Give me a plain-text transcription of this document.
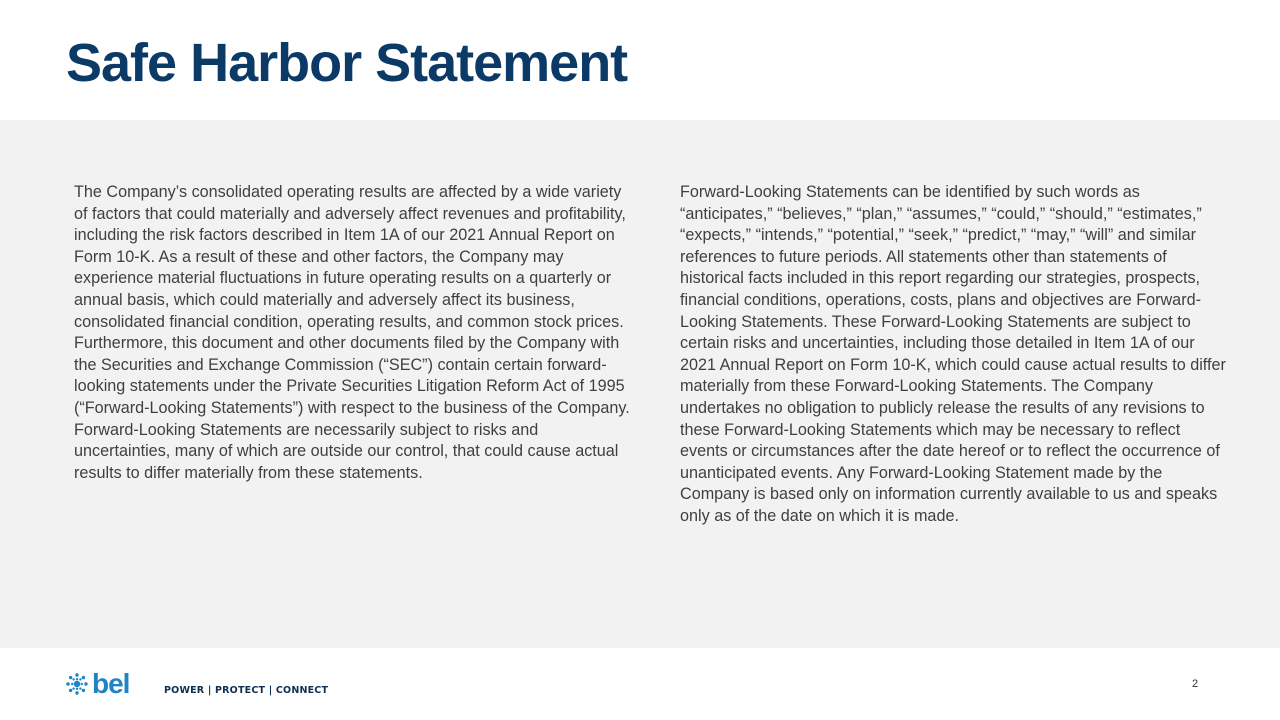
Safe Harbor Statement

The Company’s consolidated operating results are affected by a wide variety of factors that could materially and adversely affect revenues and profitability, including the risk factors described in Item 1A of our 2021 Annual Report on Form 10-K. As a result of these and other factors, the Company may experience material fluctuations in future operating results on a quarterly or annual basis, which could materially and adversely affect its business, consolidated financial condition, operating results, and common stock prices. Furthermore, this document and other documents filed by the Company with the Securities and Exchange Commission (“SEC”) contain certain forward-looking statements under the Private Securities Litigation Reform Act of 1995 (“Forward-Looking Statements”) with respect to the business of the Company. Forward-Looking Statements are necessarily subject to risks and uncertainties, many of which are outside our control, that could cause actual results to differ materially from these statements.

Forward-Looking Statements can be identified by such words as “anticipates,” “believes,” “plan,” “assumes,” “could,” “should,” “estimates,” “expects,” “intends,” “potential,” “seek,” “predict,” “may,” “will” and similar references to future periods. All statements other than statements of historical facts included in this report regarding our strategies, prospects, financial conditions, operations, costs, plans and objectives are Forward-Looking Statements. These Forward-Looking Statements are subject to certain risks and uncertainties, including those detailed in Item 1A of our 2021 Annual Report on Form 10-K, which could cause actual results to differ materially from these Forward-Looking Statements. The Company undertakes no obligation to publicly release the results of any revisions to these Forward-Looking Statements which may be necessary to reflect events or circumstances after the date hereof or to reflect the occurrence of unanticipated events. Any Forward-Looking Statement made by the Company is based only on information currently available to us and speaks only as of the date on which it is made.

bel	POWER | PROTECT | CONNECT
2
